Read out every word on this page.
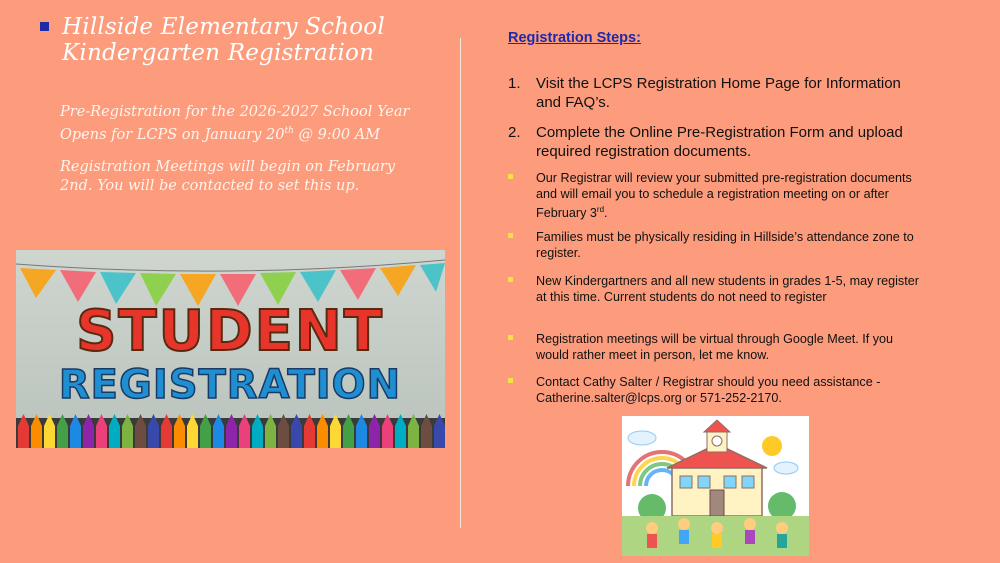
Hillside Elementary School
Kindergarten Registration
Pre-Registration for the 2026-2027 School Year
Opens for LCPS on January 20th @ 9:00 AM
Registration Meetings will begin on February
2nd. You will be contacted to set this up.
STUDENT
REGISTRATION
Registration Steps:
1. Visit the LCPS Registration Home Page for Information and FAQ’s.
2. Complete the Online Pre-Registration Form and upload required registration documents.
Our Registrar will review your submitted pre-registration documents and will email you to schedule a registration meeting on or after February 3rd.
Families must be physically residing in Hillside’s attendance zone to register.
New Kindergartners and all new students in grades 1-5, may register at this time. Current students do not need to register
Registration meetings will be virtual through Google Meet. If you would rather meet in person, let me know.
Contact Cathy Salter / Registrar should you need assistance - Catherine.salter@lcps.org or 571-252-2170.
